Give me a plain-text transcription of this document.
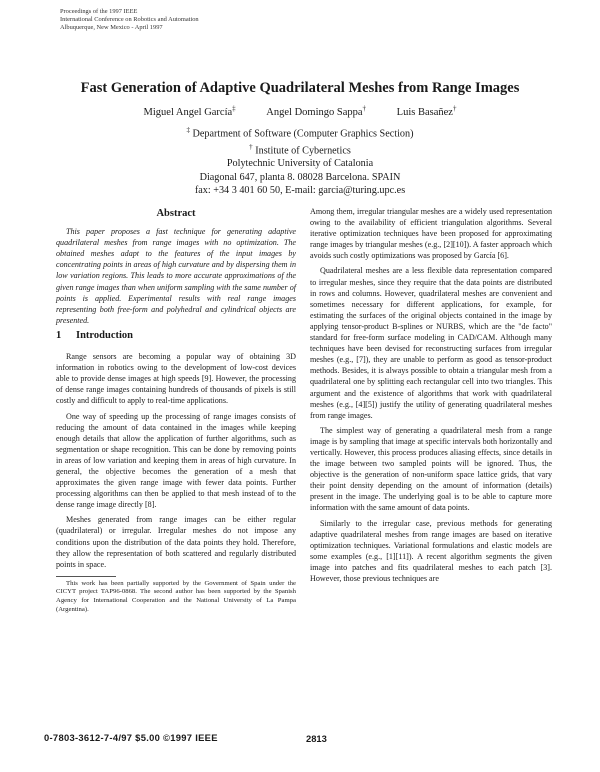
Proceedings of the 1997 IEEE
International Conference on Robotics and Automation
Albuquerque, New Mexico - April 1997
Fast Generation of Adaptive Quadrilateral Meshes from Range Images
Miguel Angel García‡	Angel Domingo Sappa†	Luis Basañez†
‡ Department of Software (Computer Graphics Section)
† Institute of Cybernetics
Polytechnic University of Catalonia
Diagonal 647, planta 8. 08028 Barcelona. SPAIN
fax: +34 3 401 60 50, E-mail: garcia@turing.upc.es
Abstract

This paper proposes a fast technique for generating adaptive quadrilateral meshes from range images with no optimization. The obtained meshes adapt to the features of the input images by concentrating points in areas of high curvature and by dispersing them in low variation regions. This leads to more accurate approximations of the given range images than when uniform sampling with the same number of points is applied. Experimental results with real range images representing both free-form and polyhedral and cylindrical objects are presented.

1 Introduction

Range sensors are becoming a popular way of obtaining 3D information in robotics owing to the development of low-cost devices able to provide dense images at high speeds [9]. However, the processing of dense range images containing hundreds of thousands of pixels is still costly and difficult to apply to real-time applications.

One way of speeding up the processing of range images consists of reducing the amount of data contained in the images while keeping enough details that allow the application of further algorithms, such as segmentation or shape recognition. This can be done by removing points in areas of low variation and keeping them in areas of high curvature. In general, the objective becomes the generation of a mesh that approximates the given range image with fewer data points. Further processing algorithms can then be applied to that mesh instead of to the dense range image directly [8].

Meshes generated from range images can be either regular (quadrilateral) or irregular. Irregular meshes do not impose any conditions upon the distribution of the data points they hold. Therefore, they allow the representation of both scattered and regularly distributed points in space.

This work has been partially supported by the Government of Spain under the CICYT project TAP96-0868. The second author has been supported by the Spanish Agency for International Cooperation and the National University of La Pampa (Argentina).

Among them, irregular triangular meshes are a widely used representation owing to the availability of efficient triangulation algorithms. Several iterative optimization techniques have been proposed for approximating range images by triangular meshes (e.g., [2][10]). A faster approach which avoids such costly optimizations was proposed by García [6].

Quadrilateral meshes are a less flexible data representation compared to irregular meshes, since they require that the data points are distributed in rows and columns. However, quadrilateral meshes are convenient and sometimes necessary for different applications, for example, for estimating the surfaces of the original objects contained in the image by applying tensor-product B-splines or NURBS, which are the "de facto" standard for free-form surface modeling in CAD/CAM. Although many techniques have been devised for reconstructing surfaces from irregular meshes (e.g., [7]), they are unable to perform as good as tensor-product methods. Besides, it is always possible to obtain a triangular mesh from a quadrilateral one by splitting each rectangular cell into two triangles. This argument and the existence of algorithms that work with quadrilateral meshes (e.g., [4][5]) justify the utility of generating quadrilateral meshes from range images.

The simplest way of generating a quadrilateral mesh from a range image is by sampling that image at specific intervals both horizontally and vertically. However, this process produces aliasing effects, since details in the image between two sampled points will be ignored. Thus, the objective is the generation of non-uniform space lattice grids, that vary their point density depending on the amount of information (details) present in the image. The underlying goal is to be able to capture more information with the same amount of data points.

Similarly to the irregular case, previous methods for generating adaptive quadrilateral meshes from range images are based on iterative optimization techniques. Variational formulations and elastic models are some examples (e.g., [1][11]). A recent algorithm segments the given image into patches and fits quadrilateral meshes to each patch [3]. However, those previous techniques are

0-7803-3612-7-4/97 $5.00 ©1997 IEEE	2813
